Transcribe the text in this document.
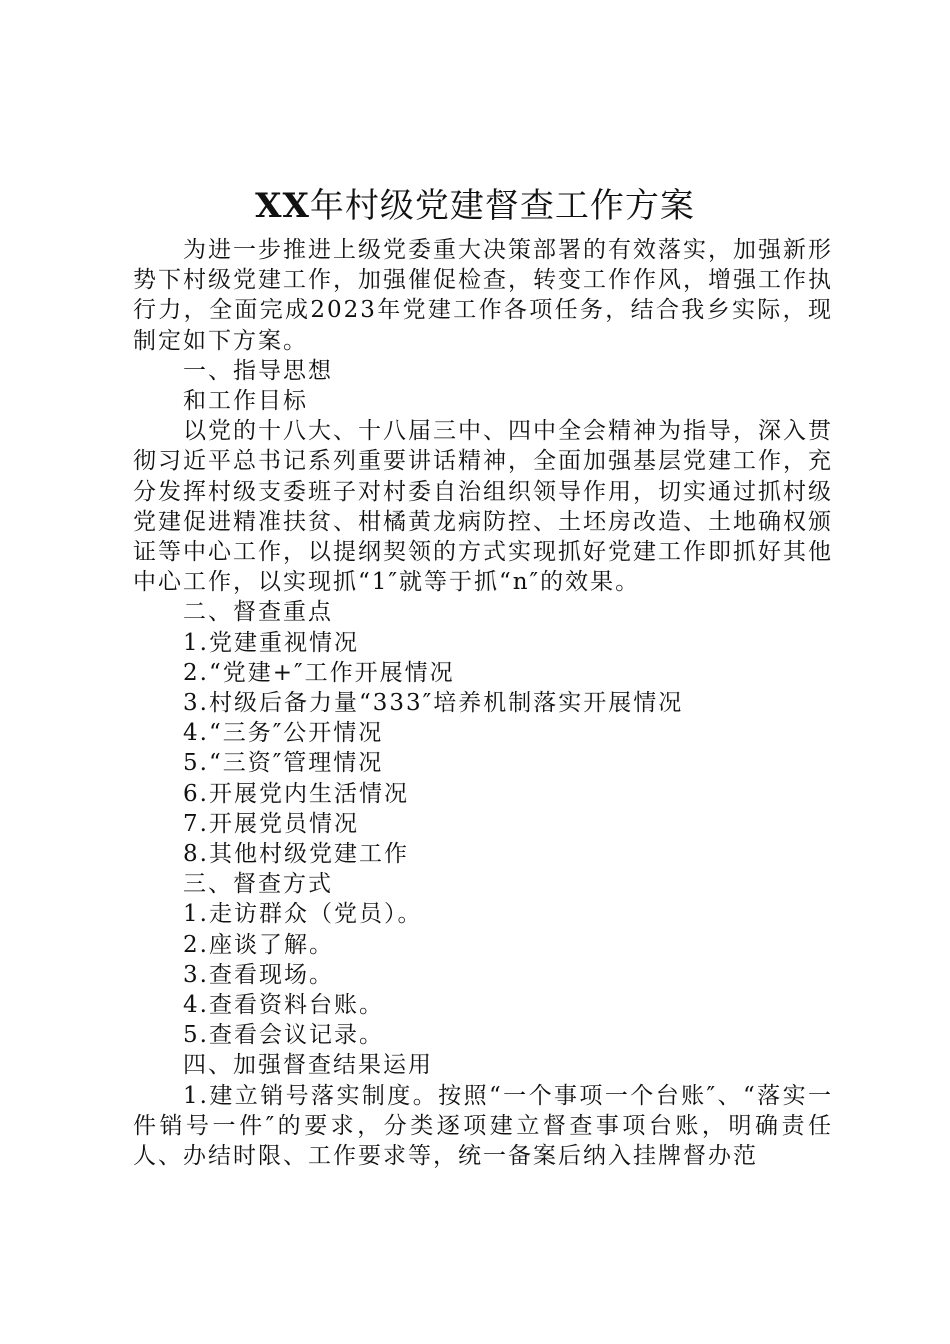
XX年村级党建督查工作方案

为进一步推进上级党委重大决策部署的有效落实，加强新形势下村级党建工作，加强催促检查，转变工作作风，增强工作执行力，全面完成2023年党建工作各项任务，结合我乡实际，现制定如下方案。

一、指导思想

和工作目标

以党的十八大、十八届三中、四中全会精神为指导，深入贯彻习近平总书记系列重要讲话精神，全面加强基层党建工作，充分发挥村级支委班子对村委自治组织领导作用，切实通过抓村级党建促进精准扶贫、柑橘黄龙病防控、土坯房改造、土地确权颁证等中心工作，以提纲契领的方式实现抓好党建工作即抓好其他中心工作，以实现抓“1″就等于抓“n″的效果。

二、督查重点

1.党建重视情况

2.“党建+″工作开展情况

3.村级后备力量“333″培养机制落实开展情况

4.“三务″公开情况

5.“三资″管理情况

6.开展党内生活情况

7.开展党员情况

8.其他村级党建工作

三、督查方式

1.走访群众（党员）。

2.座谈了解。

3.查看现场。

4.查看资料台账。

5.查看会议记录。

四、加强督查结果运用

1.建立销号落实制度。按照“一个事项一个台账″、“落实一件销号一件″的要求，分类逐项建立督查事项台账，明确责任人、办结时限、工作要求等，统一备案后纳入挂牌督办范
